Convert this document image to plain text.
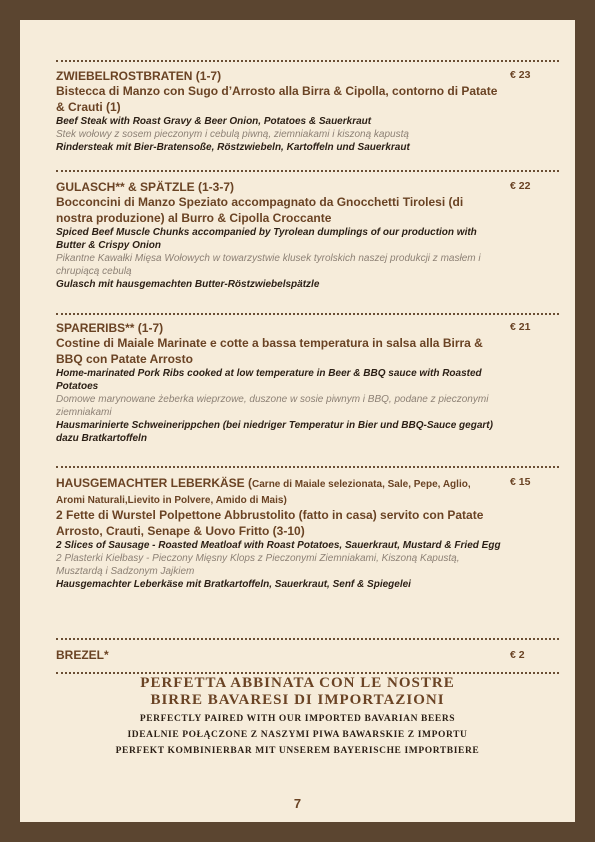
ZWIEBELROSTBRATEN (1-7)

Bistecca di Manzo con Sugo d’Arrosto alla Birra & Cipolla, contorno di Patate & Crauti (1)

Beef Steak with Roast Gravy & Beer Onion, Potatoes & Sauerkraut

Stek wołowy z sosem pieczonym i cebulą piwną, ziemniakami i kiszoną kapustą

Rindersteak mit Bier-Bratensoße, Röstzwiebeln, Kartoffeln und Sauerkraut

€ 23

GULASCH** & SPÄTZLE (1-3-7)

Bocconcini di Manzo Speziato accompagnato da Gnocchetti Tirolesi (di nostra produzione) al Burro & Cipolla Croccante

Spiced Beef Muscle Chunks accompanied by Tyrolean dumplings of our production with Butter & Crispy Onion

Pikantne Kawałki Mięsa Wołowych w towarzystwie klusek tyrolskich naszej produkcji z masłem i chrupiącą cebulą

Gulasch mit hausgemachten Butter-Röstzwiebelspätzle

€ 22

SPARERIBS** (1-7)

Costine di Maiale Marinate e cotte a bassa temperatura in salsa alla Birra & BBQ con Patate Arrosto

Home-marinated Pork Ribs cooked at low temperature in Beer & BBQ sauce with Roasted Potatoes

Domowe marynowane żeberka wieprzowe, duszone w sosie piwnym i BBQ, podane z pieczonymi ziemniakami

Hausmarinierte Schweinerippchen (bei niedriger Temperatur in Bier und BBQ-Sauce gegart) dazu Bratkartoffeln

€ 21

HAUSGEMACHTER LEBERKÄSE (Carne di Maiale selezionata, Sale, Pepe, Aglio, Aromi Naturali,Lievito in Polvere, Amido di Mais)

2 Fette di Wurstel Polpettone Abbrustolito (fatto in casa) servito con Patate Arrosto, Crauti, Senape & Uovo Fritto (3-10)

2 Slices of Sausage - Roasted Meatloaf with Roast Potatoes, Sauerkraut, Mustard & Fried Egg

2 Plasterki Kiełbasy - Pieczony Mięsny Klops z Pieczonymi Ziemniakami, Kiszoną Kapustą, Musztardą i Sadzonym Jajkiem

Hausgemachter Leberkäse mit Bratkartoffeln, Sauerkraut, Senf & Spiegelei

€ 15

BREZEL*	€ 2

PERFETTA ABBINATA CON LE NOSTRE

BIRRE BAVARESI DI IMPORTAZIONI

PERFECTLY PAIRED WITH OUR IMPORTED BAVARIAN BEERS

IDEALNIE POŁĄCZONE Z NASZYMI PIWA BAWARSKIE Z IMPORTU

PERFEKT KOMBINIERBAR MIT UNSEREM BAYERISCHE IMPORTBIERE

7
